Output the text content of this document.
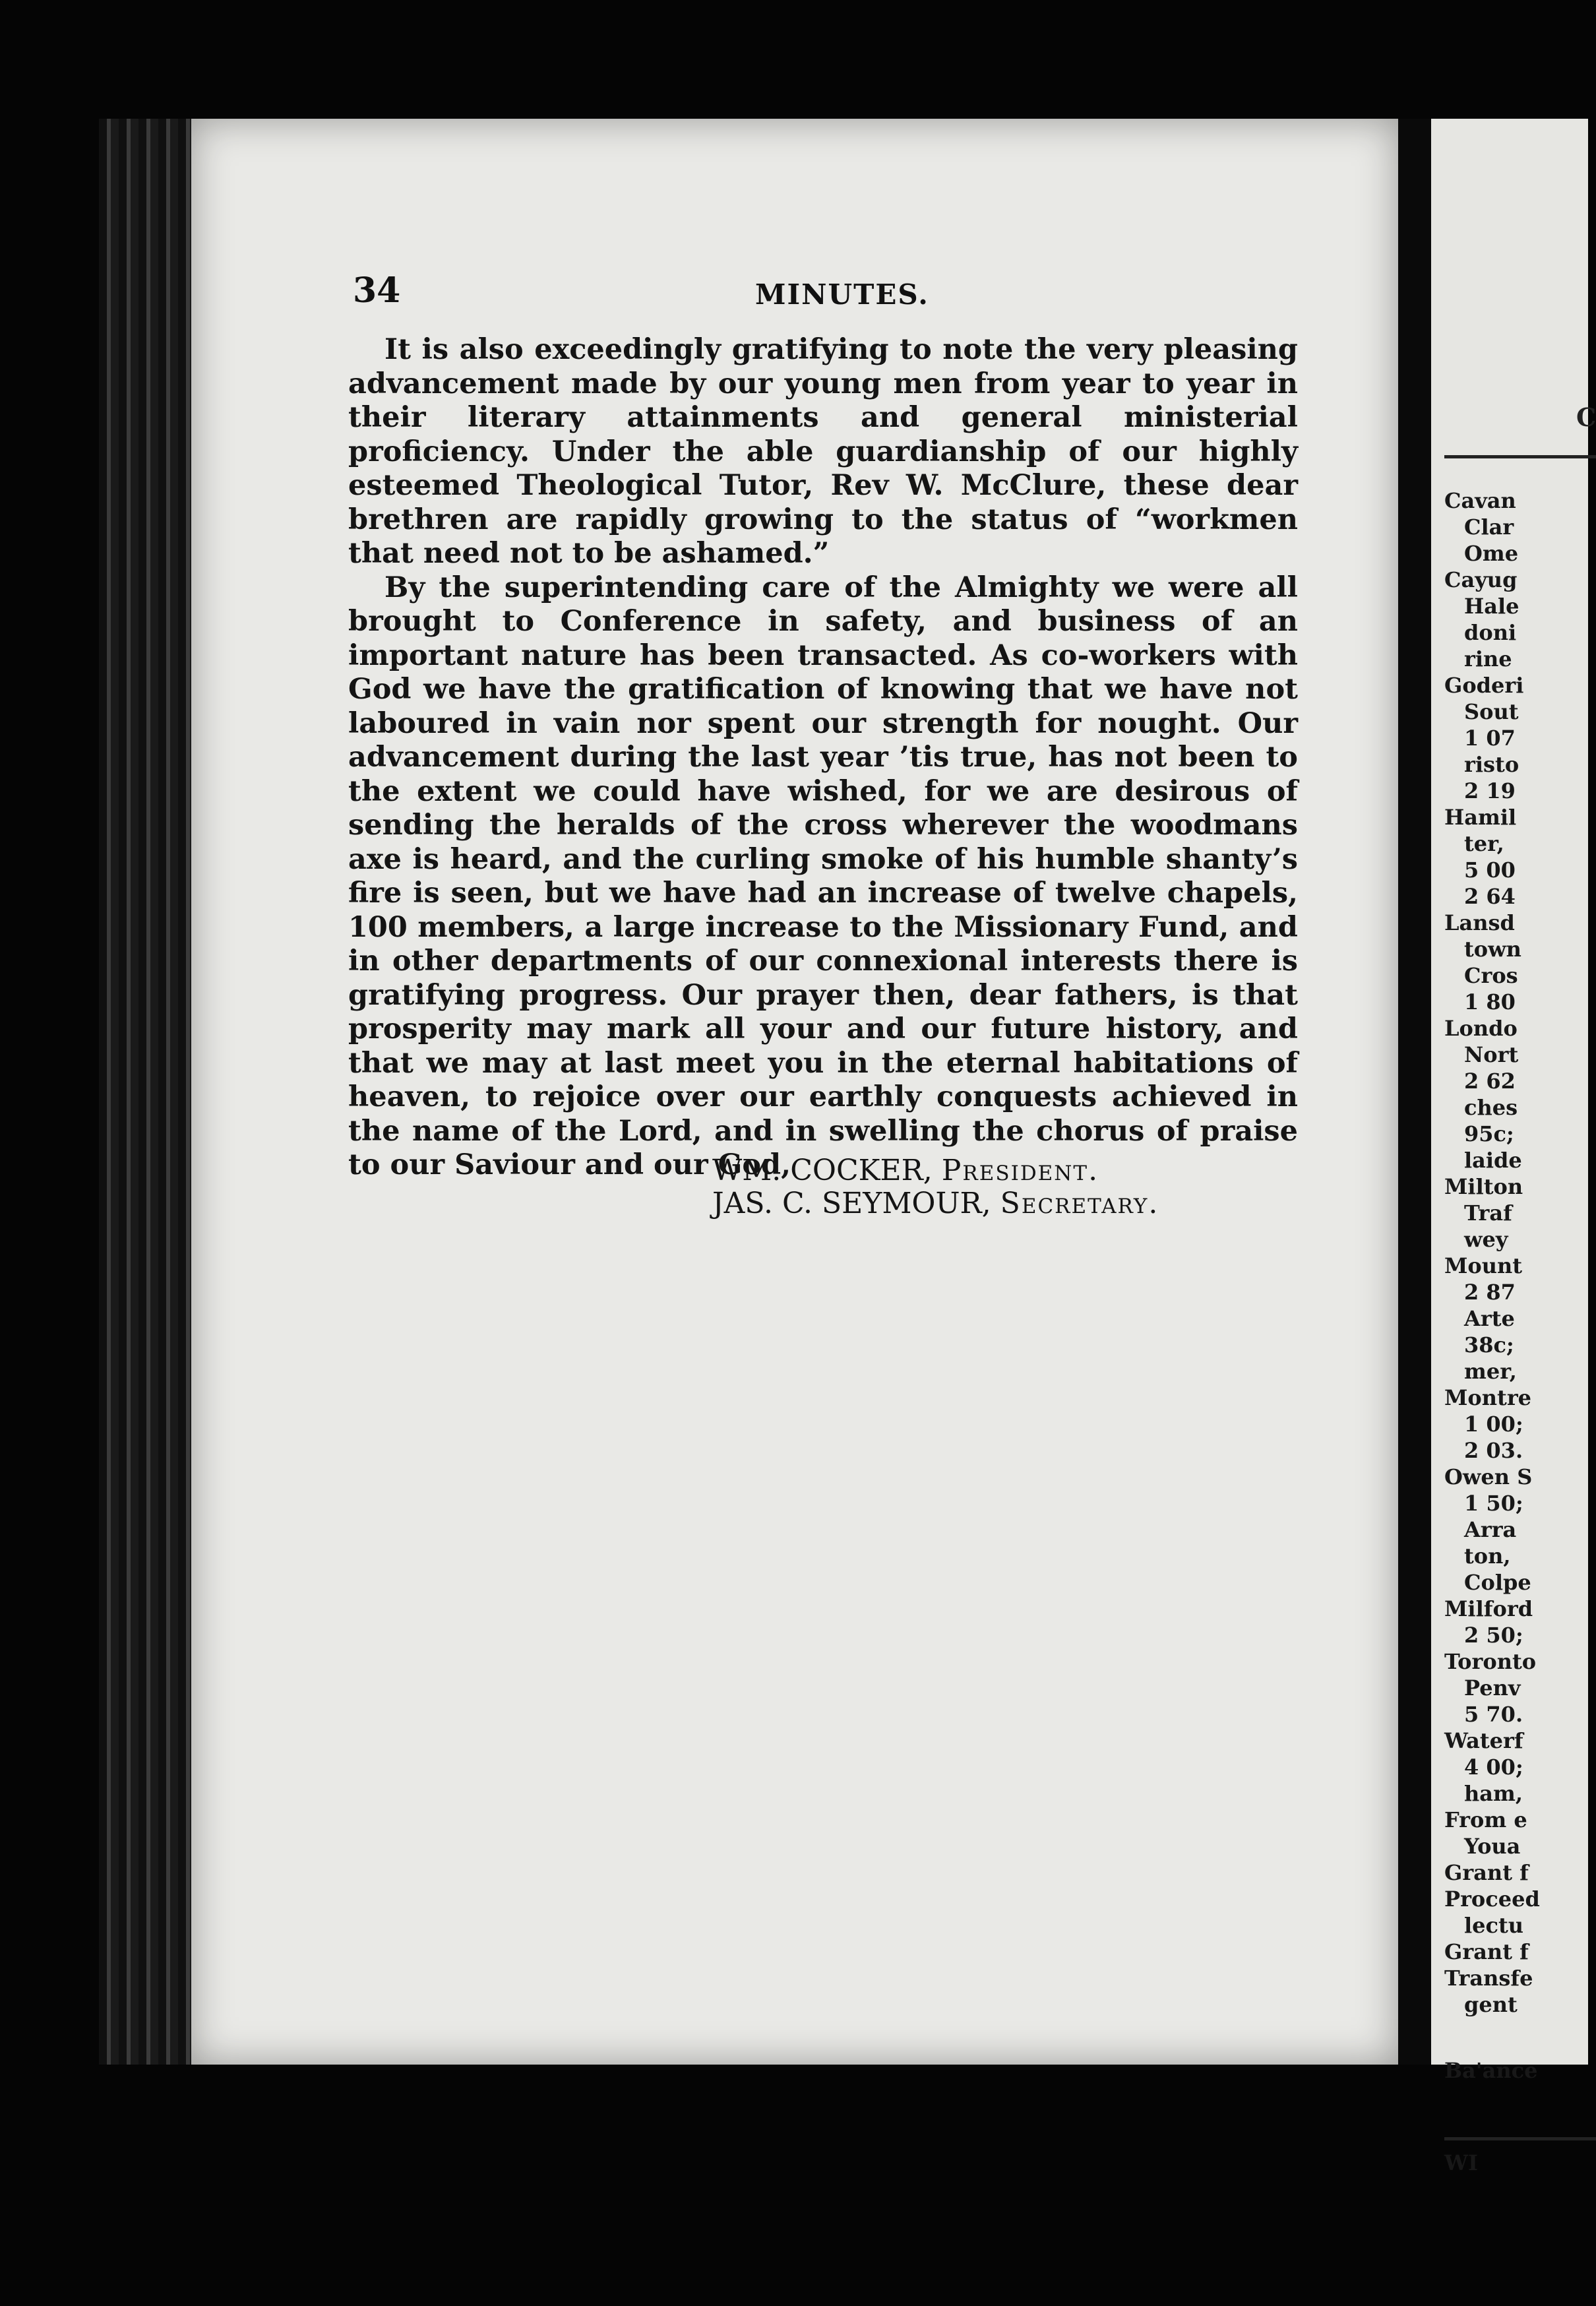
34	MINUTES.

It is also exceedingly gratifying to note the very pleasing advancement made by our young men from year to year in their literary attainments and general ministerial proficiency. Under the able guardianship of our highly esteemed Theological Tutor, Rev W. McClure, these dear brethren are rapidly growing to the status of “workmen that need not to be ashamed.”

By the superintending care of the Almighty we were all brought to Conference in safety, and business of an important nature has been transacted. As co-workers with God we have the gratification of knowing that we have not laboured in vain nor spent our strength for nought. Our advancement during the last year ’tis true, has not been to the extent we could have wished, for we are desirous of sending the heralds of the cross wherever the woodmans axe is heard, and the curling smoke of his humble shanty’s fire is seen, but we have had an increase of twelve chapels, 100 members, a large increase to the Missionary Fund, and in other departments of our connexional interests there is gratifying progress. Our prayer then, dear fathers, is that prosperity may mark all your and our future history, and that we may at last meet you in the eternal habitations of heaven, to rejoice over our earthly conquests achieved in the name of the Lord, and in swelling the chorus of praise to our Saviour and our God,

WM. COCKER, President.
JAS. C. SEYMOUR, Secretary.
C
Cavan
Clar
Ome
Cayug
Hale
doni
rine
Goderi
Sout
1 07
risto
2 19
Hamil
ter,
5 00
2 64
Lansd
town
Cros
1 80
Londo
Nort
2 62
ches
95c;
laide
Milton
Traf
wey
Mount
2 87
Arte
38c;
mer,
Montre
1 00;
2 03.
Owen S
1 50;
Arra
ton,
Colpe
Milford
2 50;
Toronto
Penv
5 70.
Waterf
4 00;
ham,
From e
Youa
Grant f
Proceed
lectu
Grant f
Transfe
gent
Ba'ance
WI
